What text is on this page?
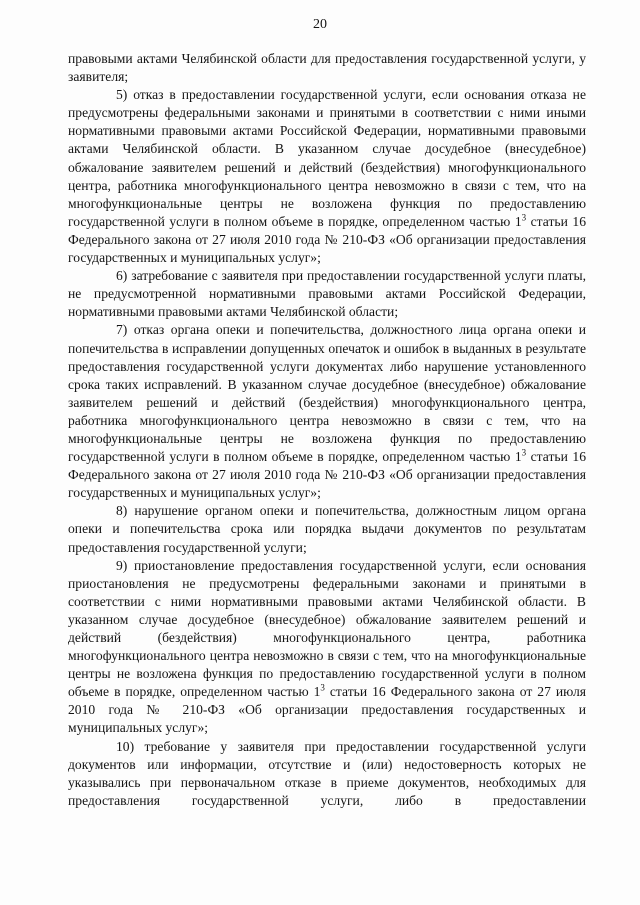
20

правовыми актами Челябинской области для предоставления государственной услуги, у заявителя;

5) отказ в предоставлении государственной услуги, если основания отказа не предусмотрены федеральными законами и принятыми в соответствии с ними иными нормативными правовыми актами Российской Федерации, нормативными правовыми актами Челябинской области. В указанном случае досудебное (внесудебное) обжалование заявителем решений и действий (бездействия) многофункционального центра, работника многофункционального центра невозможно в связи с тем, что на многофункциональные центры не возложена функция по предоставлению государственной услуги в полном объеме в порядке, определенном частью $1^3$ статьи 16 Федерального закона от 27 июля 2010 года № 210-ФЗ «Об организации предоставления государственных и муниципальных услуг»;

6) затребование с заявителя при предоставлении государственной услуги платы, не предусмотренной нормативными правовыми актами Российской Федерации, нормативными правовыми актами Челябинской области;

7) отказ органа опеки и попечительства, должностного лица органа опеки и попечительства в исправлении допущенных опечаток и ошибок в выданных в результате предоставления государственной услуги документах либо нарушение установленного срока таких исправлений. В указанном случае досудебное (внесудебное) обжалование заявителем решений и действий (бездействия) многофункционального центра, работника многофункционального центра невозможно в связи с тем, что на многофункциональные центры не возложена функция по предоставлению государственной услуги в полном объеме в порядке, определенном частью $1^3$ статьи 16 Федерального закона от 27 июля 2010 года № 210-ФЗ «Об организации предоставления государственных и муниципальных услуг»;

8) нарушение органом опеки и попечительства, должностным лицом органа опеки и попечительства срока или порядка выдачи документов по результатам предоставления государственной услуги;

9) приостановление предоставления государственной услуги, если основания приостановления не предусмотрены федеральными законами и принятыми в соответствии с ними нормативными правовыми актами Челябинской области. В указанном случае досудебное (внесудебное) обжалование заявителем решений и действий (бездействия) многофункционального центра, работника многофункционального центра невозможно в связи с тем, что на многофункциональные центры не возложена функция по предоставлению государственной услуги в полном объеме в порядке, определенном частью $1^3$ статьи 16 Федерального закона от 27 июля 2010 года № 210-ФЗ «Об организации предоставления государственных и муниципальных услуг»;

10) требование у заявителя при предоставлении государственной услуги документов или информации, отсутствие и (или) недостоверность которых не указывались при первоначальном отказе в приеме документов, необходимых для предоставления государственной услуги, либо в предоставлении
